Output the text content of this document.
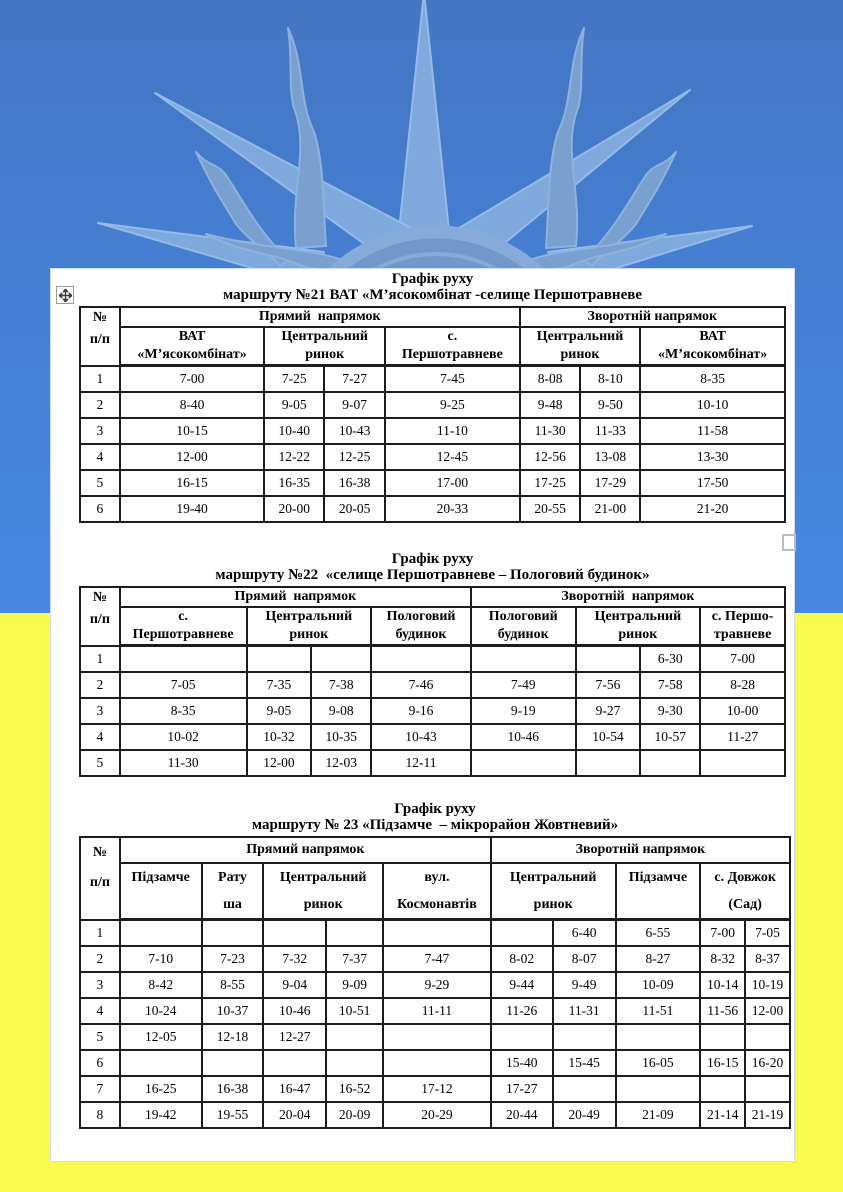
Графік руху
маршруту №21 ВАТ «М’ясокомбінат -селище Першотравневе
№
п/п	Прямий  напрямок				Зворотній напрямок		

ВАТ
«М’ясокомбінат»

Центральний
ринок

с.
Першотравневе

Центральний
ринок

ВАТ
«М’ясокомбінат»

1	7-00	7-25	7-27	7-45	8-08	8-10	8-35
2	8-40	9-05	9-07	9-25	9-48	9-50	10-10
3	10-15	10-40	10-43	11-10	11-30	11-33	11-58
4	12-00	12-22	12-25	12-45	12-56	13-08	13-30
5	16-15	16-35	16-38	17-00	17-25	17-29	17-50
6	19-40	20-00	20-05	20-33	20-55	21-00	21-20
Графік руху
маршруту №22  «селище Першотравневе – Пологовий будинок»
№
п/п	Прямий  напрямок				Зворотній  напрямок			

с.
Першотравневе

Центральний
ринок

Пологовий
будинок

Пологовий
будинок

Центральний
ринок

с. Першо-
травневе

1							6-30	7-00
2	7-05	7-35	7-38	7-46	7-49	7-56	7-58	8-28
3	8-35	9-05	9-08	9-16	9-19	9-27	9-30	10-00
4	10-02	10-32	10-35	10-43	10-46	10-54	10-57	11-27
5	11-30	12-00	12-03	12-11				
Графік руху
маршруту № 23 «Підзамче  – мікрорайон Жовтневий»
№
п/п	Прямий напрямок					Зворотній напрямок				

Підзамче	Рату
ша

Центральний
ринок

вул.
Космонавтів

Центральний
ринок

Підзамче	с. Довжок
(Сад)

1							6-40	6-55	7-00	7-05
2	7-10	7-23	7-32	7-37	7-47	8-02	8-07	8-27	8-32	8-37
3	8-42	8-55	9-04	9-09	9-29	9-44	9-49	10-09	10-14	10-19
4	10-24	10-37	10-46	10-51	11-11	11-26	11-31	11-51	11-56	12-00
5	12-05	12-18	12-27							
6						15-40	15-45	16-05	16-15	16-20
7	16-25	16-38	16-47	16-52	17-12	17-27				
8	19-42	19-55	20-04	20-09	20-29	20-44	20-49	21-09	21-14	21-19
